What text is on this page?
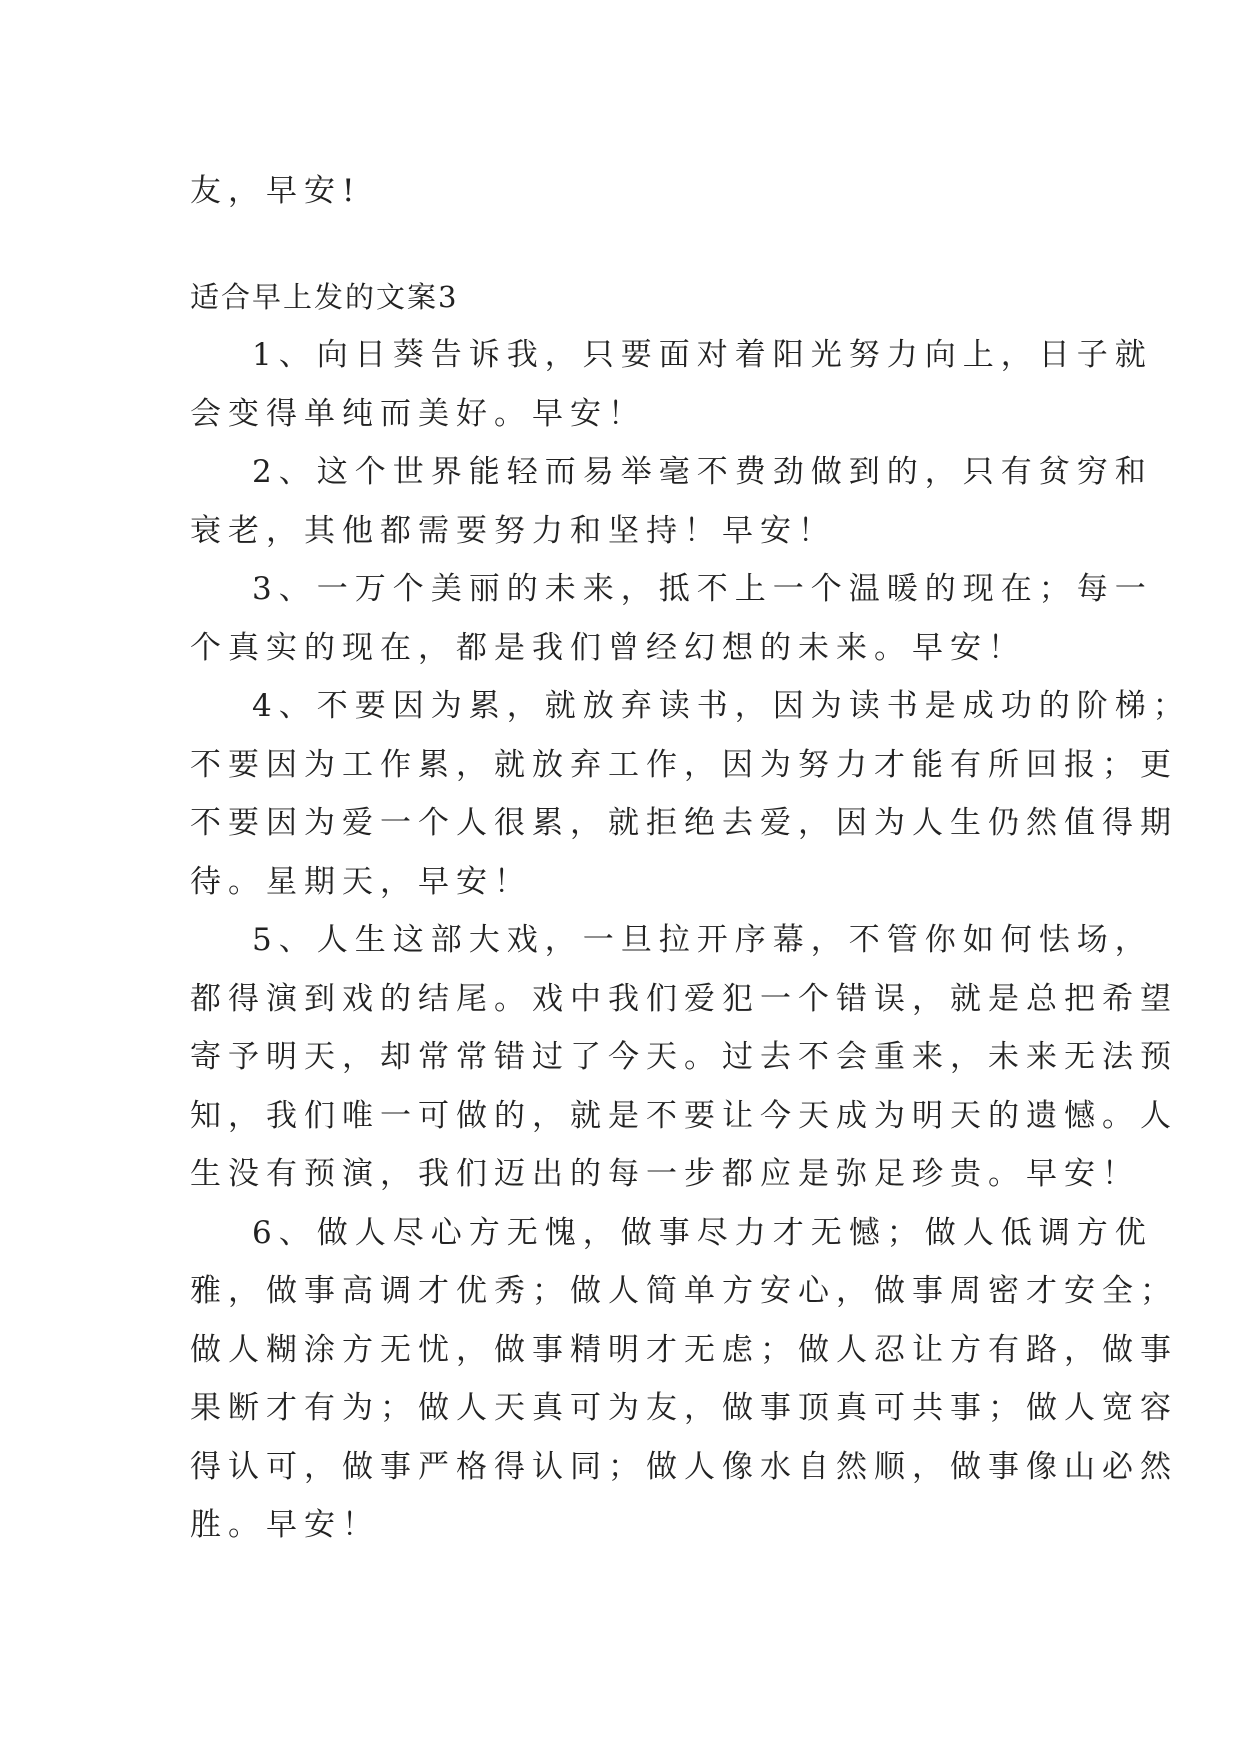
友，早安!
适合早上发的文案3
1、向日葵告诉我，只要面对着阳光努力向上，日子就
会变得单纯而美好。早安！
2、这个世界能轻而易举毫不费劲做到的，只有贫穷和
衰老，其他都需要努力和坚持！早安！
3、一万个美丽的未来，抵不上一个温暖的现在；每一
个真实的现在，都是我们曾经幻想的未来。早安！
4、不要因为累，就放弃读书，因为读书是成功的阶梯；
不要因为工作累，就放弃工作，因为努力才能有所回报；更
不要因为爱一个人很累，就拒绝去爱，因为人生仍然值得期
待。星期天，早安！
5、人生这部大戏，一旦拉开序幕，不管你如何怯场，
都得演到戏的结尾。戏中我们爱犯一个错误，就是总把希望
寄予明天，却常常错过了今天。过去不会重来，未来无法预
知，我们唯一可做的，就是不要让今天成为明天的遗憾。人
生没有预演，我们迈出的每一步都应是弥足珍贵。早安！
6、做人尽心方无愧，做事尽力才无憾；做人低调方优
雅，做事高调才优秀；做人简单方安心，做事周密才安全；
做人糊涂方无忧，做事精明才无虑；做人忍让方有路，做事
果断才有为；做人天真可为友，做事顶真可共事；做人宽容
得认可，做事严格得认同；做人像水自然顺，做事像山必然
胜。早安！
